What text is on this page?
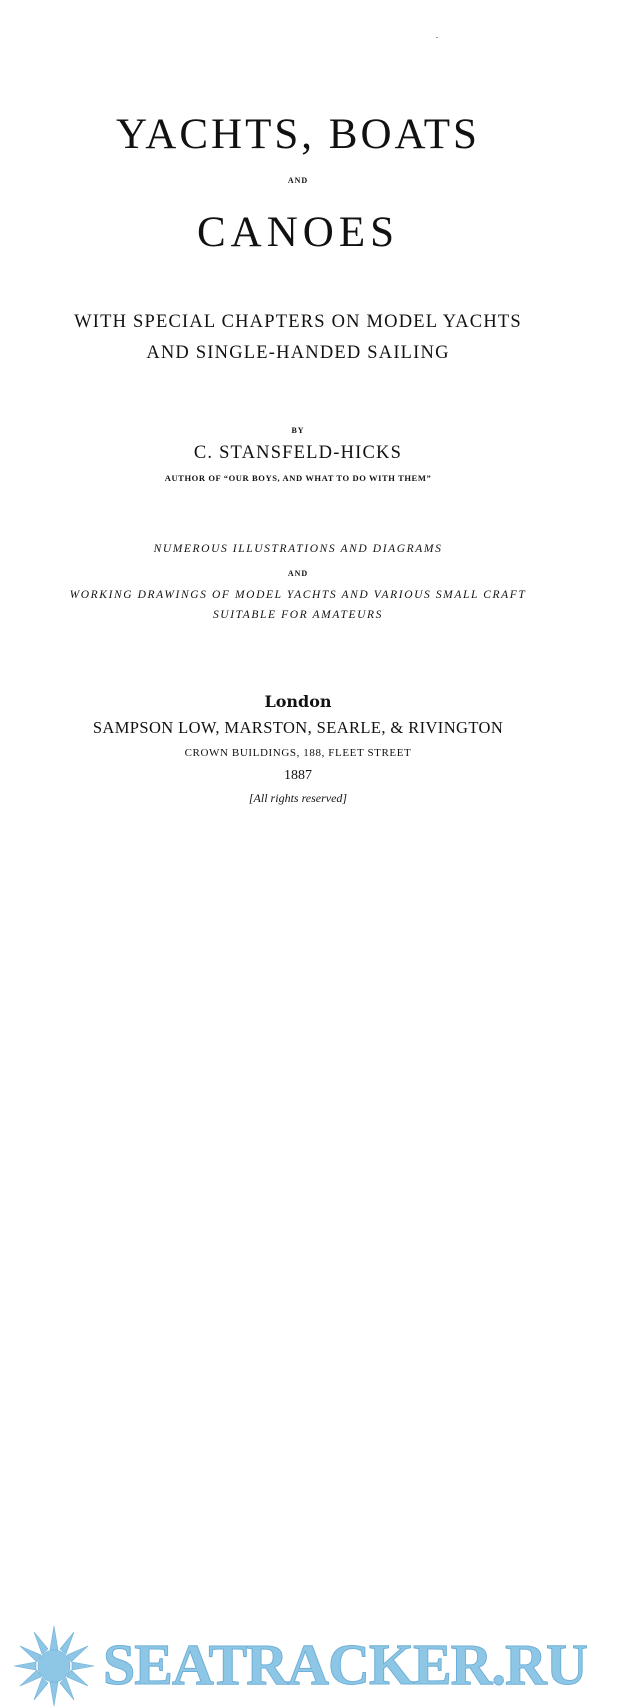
YACHTS, BOATS
AND
CANOES
WITH SPECIAL CHAPTERS ON MODEL YACHTS
AND SINGLE-HANDED SAILING
BY
C. STANSFELD-HICKS
AUTHOR OF “OUR BOYS, AND WHAT TO DO WITH THEM”
NUMEROUS ILLUSTRATIONS AND DIAGRAMS
AND
WORKING DRAWINGS OF MODEL YACHTS AND VARIOUS SMALL CRAFT
SUITABLE FOR AMATEURS
London
SAMPSON LOW, MARSTON, SEARLE, & RIVINGTON
CROWN BUILDINGS, 188, FLEET STREET
1887
[All rights reserved]
SEATRACKER.RU
